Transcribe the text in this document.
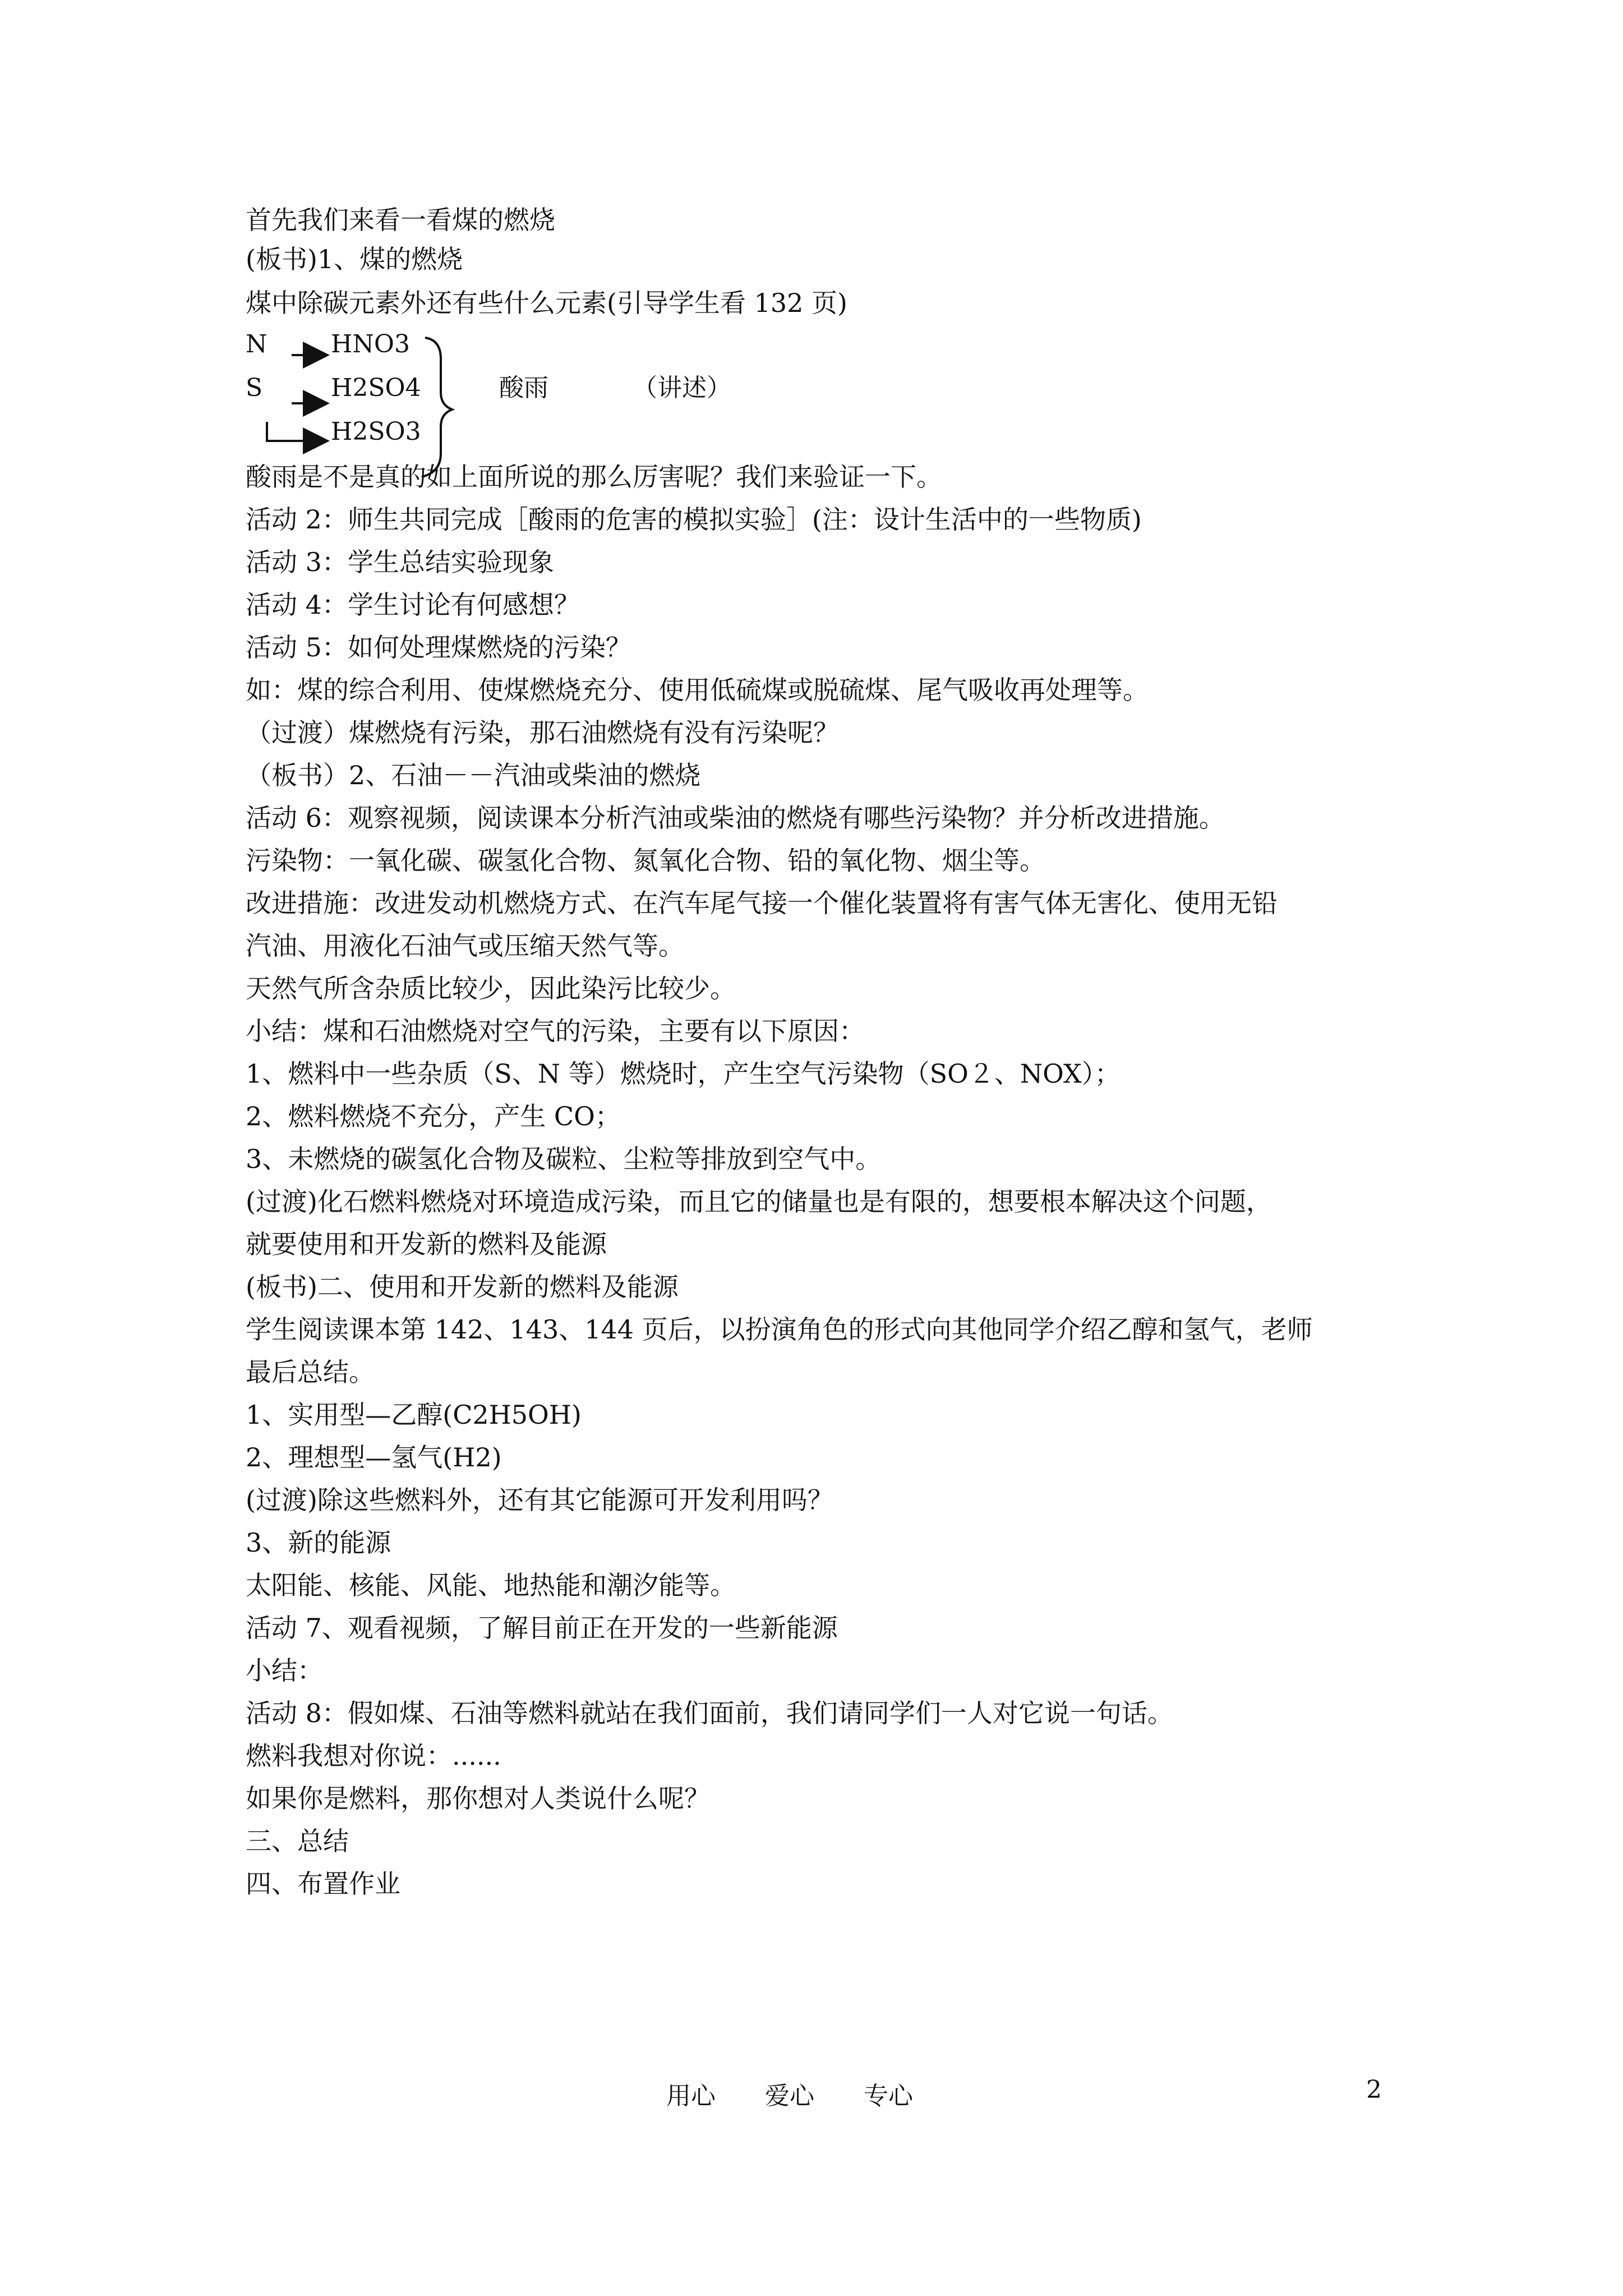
首先我们来看一看煤的燃烧
(板书)1、煤的燃烧
煤中除碳元素外还有些什么元素(引导学生看 132 页)
N
S
HNO3
H2SO4
H2SO3
酸雨	（讲述）
酸雨是不是真的如上面所说的那么厉害呢？我们来验证一下。
活动 2：师生共同完成［酸雨的危害的模拟实验］(注：设计生活中的一些物质)
活动 3：学生总结实验现象
活动 4：学生讨论有何感想？
活动 5：如何处理煤燃烧的污染？
如：煤的综合利用、使煤燃烧充分、使用低硫煤或脱硫煤、尾气吸收再处理等。
（过渡）煤燃烧有污染，那石油燃烧有没有污染呢？
（板书）2、石油－－汽油或柴油的燃烧
活动 6：观察视频，阅读课本分析汽油或柴油的燃烧有哪些污染物？并分析改进措施。
污染物：一氧化碳、碳氢化合物、氮氧化合物、铅的氧化物、烟尘等。
改进措施：改进发动机燃烧方式、在汽车尾气接一个催化装置将有害气体无害化、使用无铅
汽油、用液化石油气或压缩天然气等。
天然气所含杂质比较少，因此染污比较少。
小结：煤和石油燃烧对空气的污染，主要有以下原因：
1、燃料中一些杂质（S、N 等）燃烧时，产生空气污染物（SO２、NOX）；
2、燃料燃烧不充分，产生 CO；
3、未燃烧的碳氢化合物及碳粒、尘粒等排放到空气中。
(过渡)化石燃料燃烧对环境造成污染，而且它的储量也是有限的，想要根本解决这个问题，
就要使用和开发新的燃料及能源
(板书)二、使用和开发新的燃料及能源
学生阅读课本第 142、143、144 页后，以扮演角色的形式向其他同学介绍乙醇和氢气，老师
最后总结。
1、实用型—乙醇(C2H5OH)
2、理想型—氢气(H2)
(过渡)除这些燃料外，还有其它能源可开发利用吗？
3、新的能源
太阳能、核能、风能、地热能和潮汐能等。
活动 7、观看视频，了解目前正在开发的一些新能源
小结：
活动 8：假如煤、石油等燃料就站在我们面前，我们请同学们一人对它说一句话。
燃料我想对你说：......
如果你是燃料，那你想对人类说什么呢？
三、总结
四、布置作业
用心 爱心 专心	2
